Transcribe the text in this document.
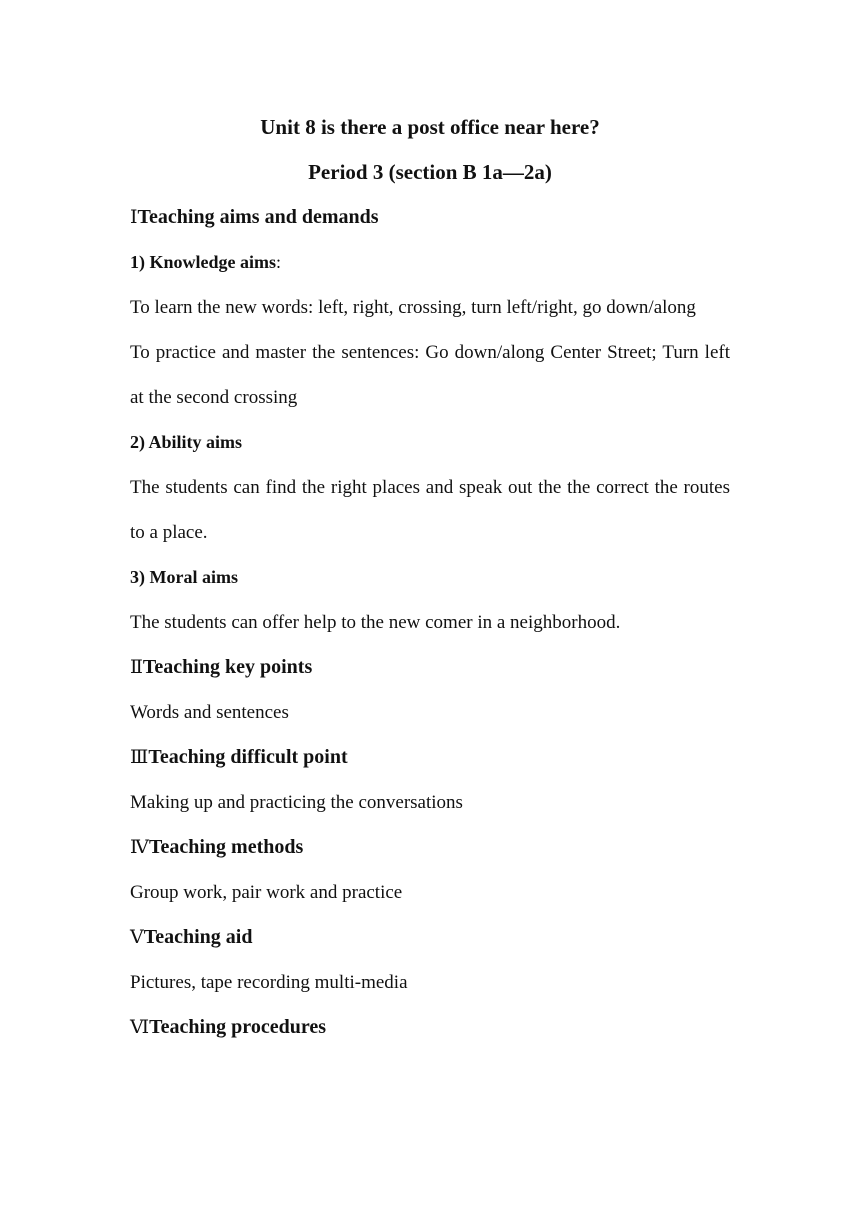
Unit 8 is there a post office near here?
Period 3 (section B 1a—2a)
ⅠTeaching aims and demands
1) Knowledge aims:

To learn the new words: left, right, crossing, turn left/right, go down/along

To practice and master the sentences: Go down/along Center Street; Turn left at the second crossing

2) Ability aims

The students can find the right places and speak out the the correct the routes to a place.

3) Moral aims

The students can offer help to the new comer in a neighborhood.

ⅡTeaching key points

Words and sentences

ⅢTeaching difficult point

Making up and practicing the conversations

ⅣTeaching methods

Group work, pair work and practice

ⅤTeaching aid

Pictures, tape recording multi-media

ⅥTeaching procedures
